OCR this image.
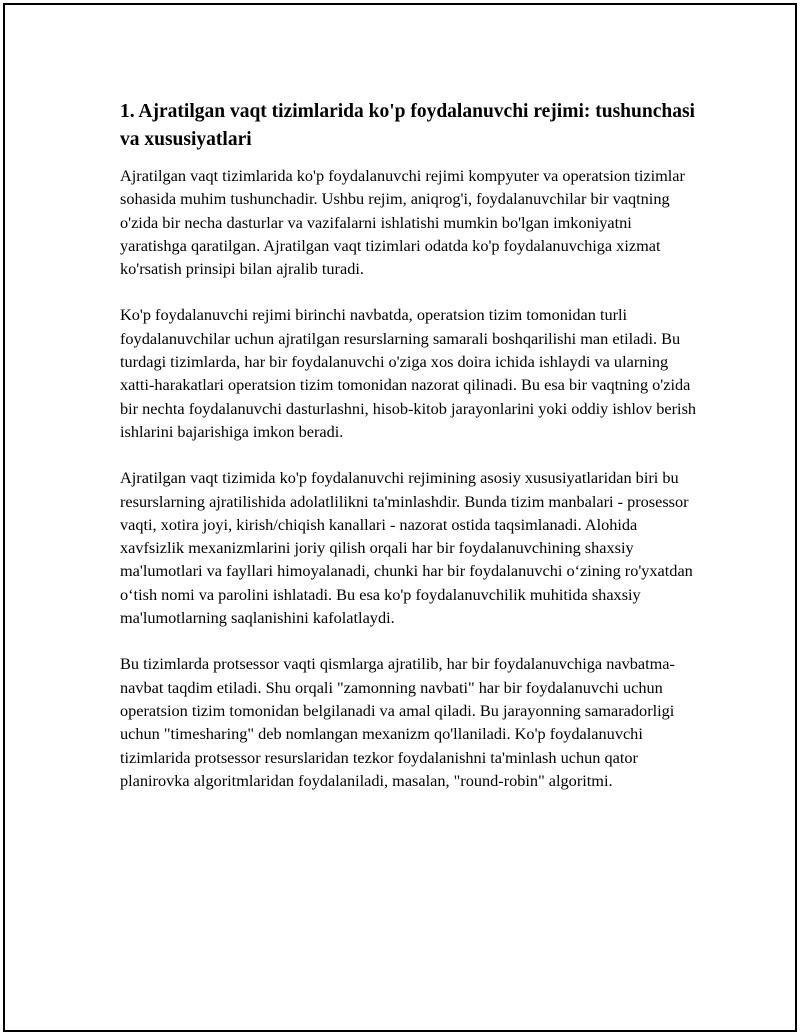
1. Ajratilgan vaqt tizimlarida ko'p foydalanuvchi rejimi: tushunchasi va xususiyatlari

Ajratilgan vaqt tizimlarida ko'p foydalanuvchi rejimi kompyuter va operatsion tizimlar sohasida muhim tushunchadir. Ushbu rejim, aniqrog'i, foydalanuvchilar bir vaqtning o'zida bir necha dasturlar va vazifalarni ishlatishi mumkin bo'lgan imkoniyatni yaratishga qaratilgan. Ajratilgan vaqt tizimlari odatda ko'p foydalanuvchiga xizmat ko'rsatish prinsipi bilan ajralib turadi.

Ko'p foydalanuvchi rejimi birinchi navbatda, operatsion tizim tomonidan turli foydalanuvchilar uchun ajratilgan resurslarning samarali boshqarilishi man etiladi. Bu turdagi tizimlarda, har bir foydalanuvchi o'ziga xos doira ichida ishlaydi va ularning xatti-harakatlari operatsion tizim tomonidan nazorat qilinadi. Bu esa bir vaqtning o'zida bir nechta foydalanuvchi dasturlashni, hisob-kitob jarayonlarini yoki oddiy ishlov berish ishlarini bajarishiga imkon beradi.

Ajratilgan vaqt tizimida ko'p foydalanuvchi rejimining asosiy xususiyatlaridan biri bu resurslarning ajratilishida adolatlilikni ta'minlashdir. Bunda tizim manbalari - prosessor vaqti, xotira joyi, kirish/chiqish kanallari - nazorat ostida taqsimlanadi. Alohida xavfsizlik mexanizmlarini joriy qilish orqali har bir foydalanuvchining shaxsiy ma'lumotlari va fayllari himoyalanadi, chunki har bir foydalanuvchi o‘zining ro'yxatdan o‘tish nomi va parolini ishlatadi. Bu esa ko'p foydalanuvchilik muhitida shaxsiy ma'lumotlarning saqlanishini kafolatlaydi.

Bu tizimlarda protsessor vaqti qismlarga ajratilib, har bir foydalanuvchiga navbatma-navbat taqdim etiladi. Shu orqali "zamonning navbati" har bir foydalanuvchi uchun operatsion tizim tomonidan belgilanadi va amal qiladi. Bu jarayonning samaradorligi uchun "timesharing" deb nomlangan mexanizm qo'llaniladi. Ko'p foydalanuvchi tizimlarida protsessor resurslaridan tezkor foydalanishni ta'minlash uchun qator planirovka algoritmlaridan foydalaniladi, masalan, "round-robin" algoritmi.
